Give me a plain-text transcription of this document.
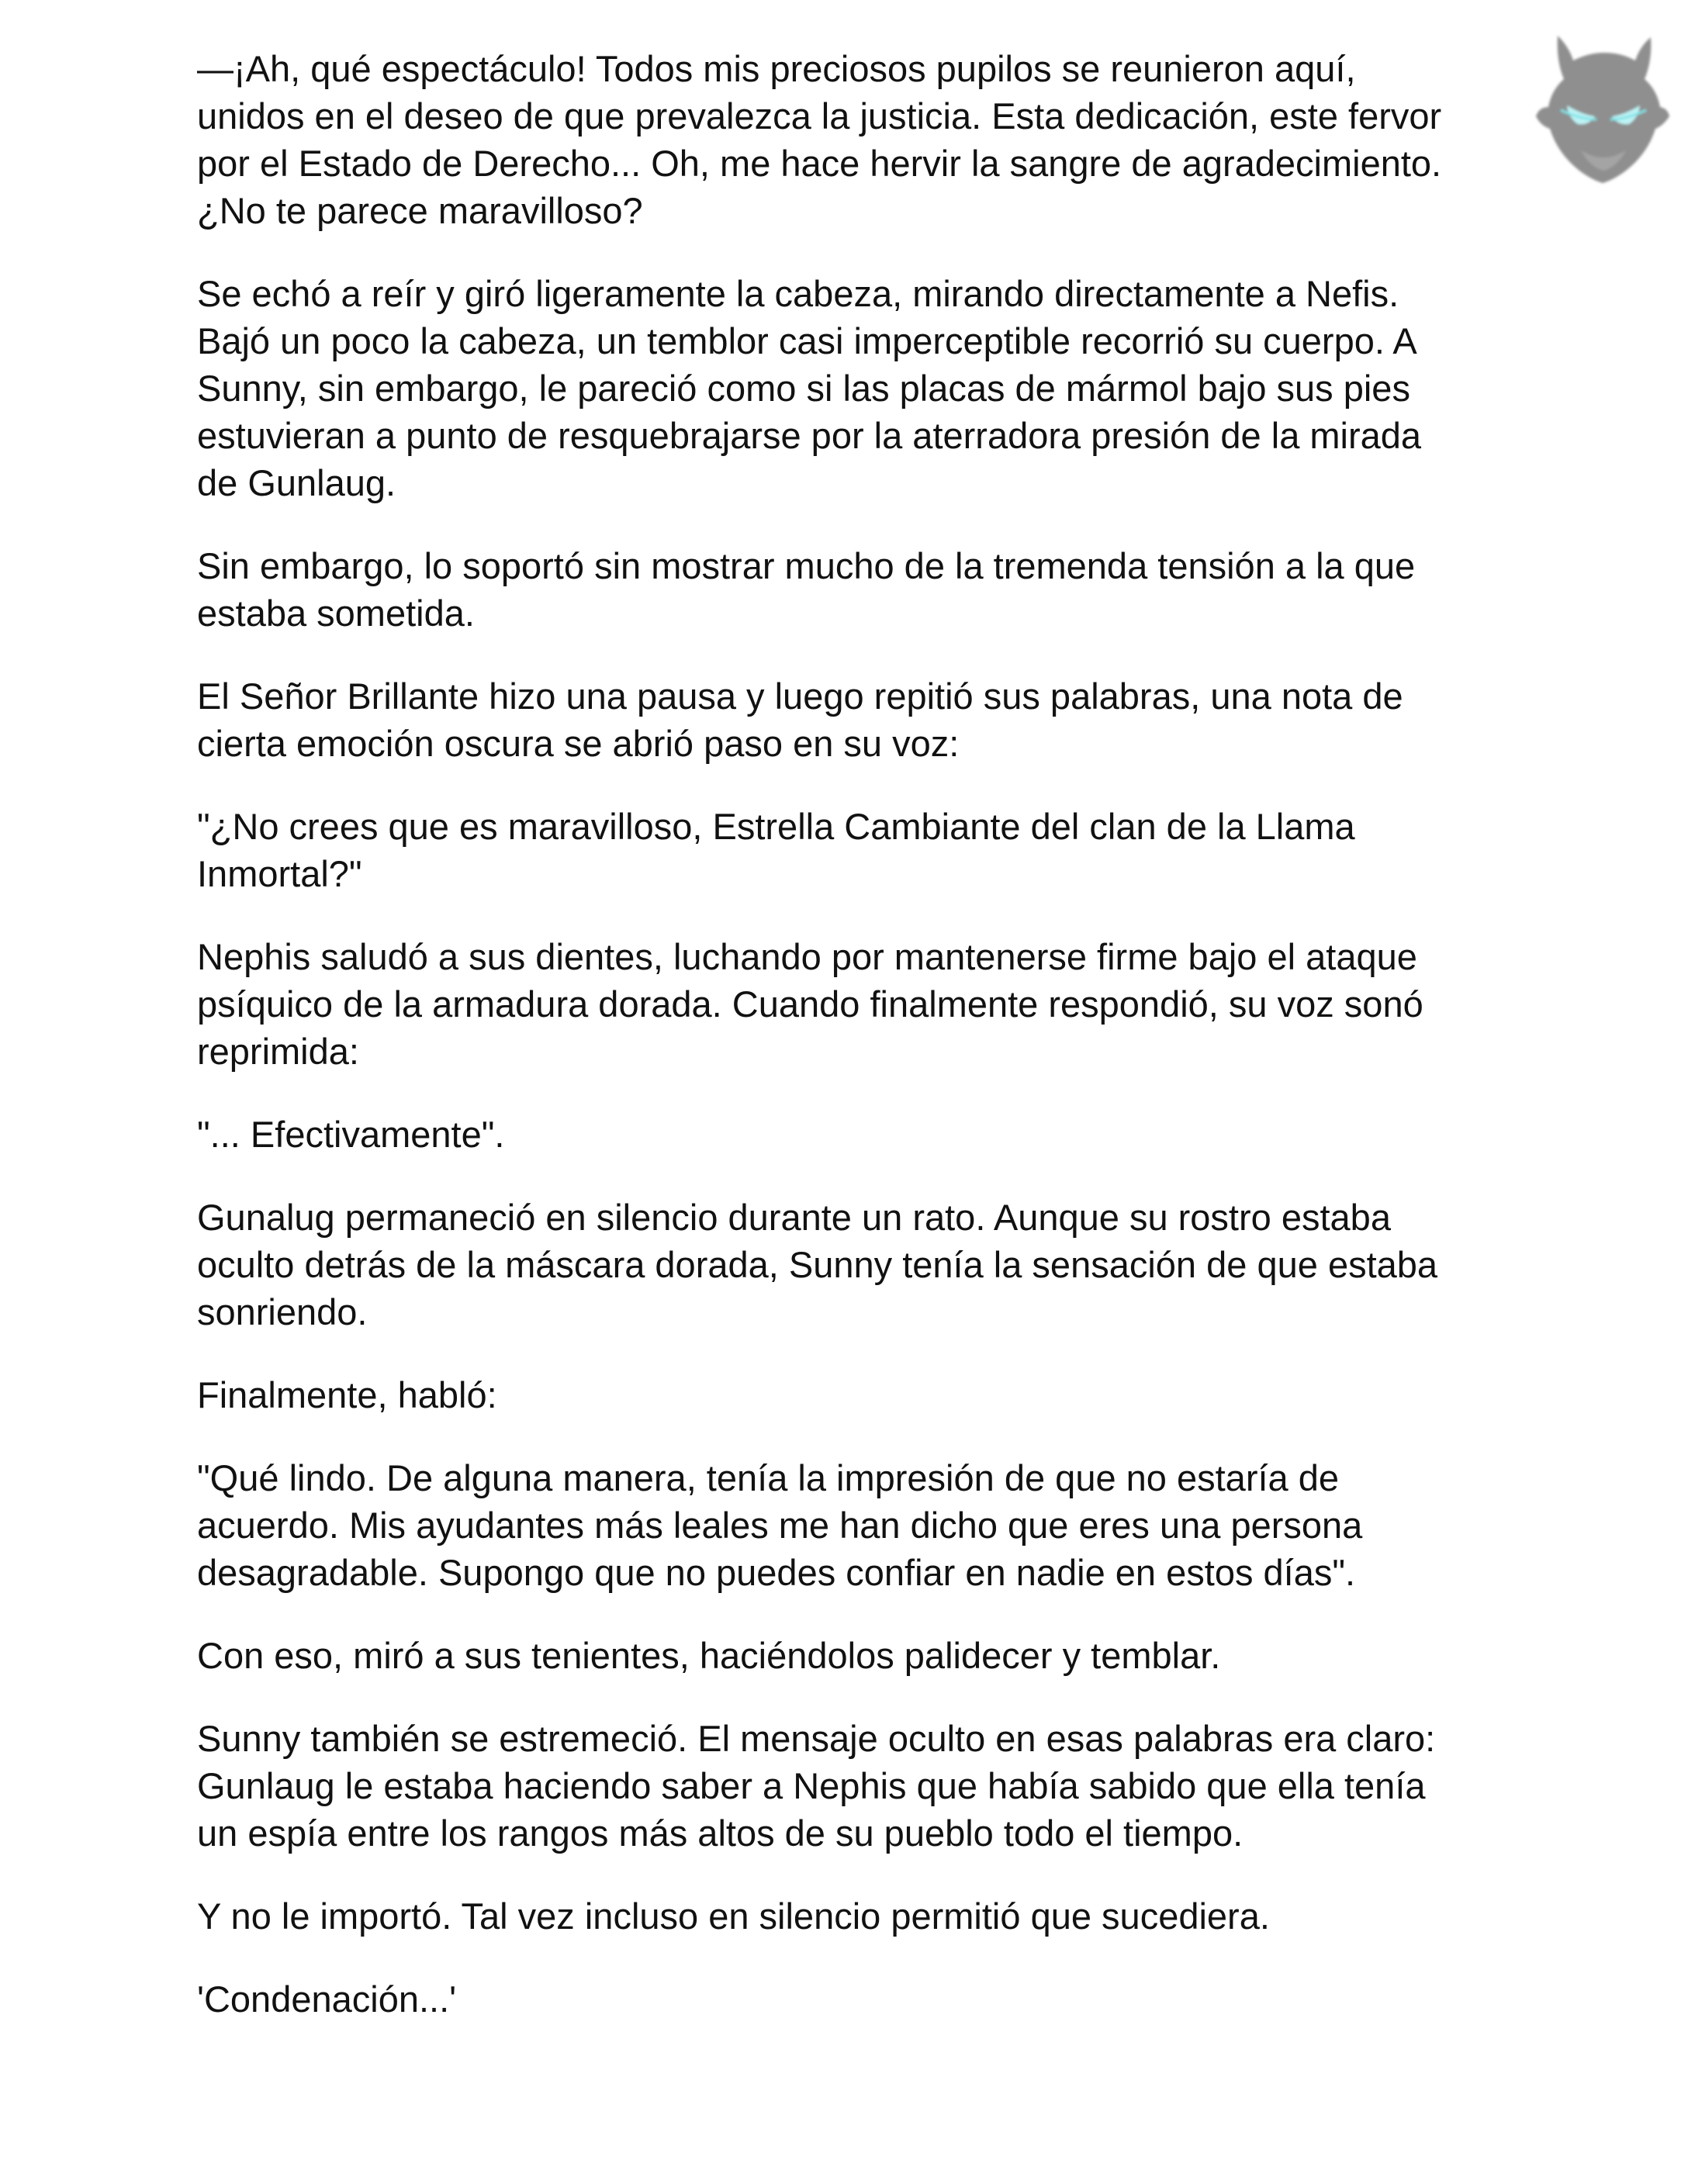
—¡Ah, qué espectáculo! Todos mis preciosos pupilos se reunieron aquí,
unidos en el deseo de que prevalezca la justicia. Esta dedicación, este fervor
por el Estado de Derecho... Oh, me hace hervir la sangre de agradecimiento.
¿No te parece maravilloso?

Se echó a reír y giró ligeramente la cabeza, mirando directamente a Nefis.
Bajó un poco la cabeza, un temblor casi imperceptible recorrió su cuerpo. A
Sunny, sin embargo, le pareció como si las placas de mármol bajo sus pies
estuvieran a punto de resquebrajarse por la aterradora presión de la mirada
de Gunlaug.

Sin embargo, lo soportó sin mostrar mucho de la tremenda tensión a la que
estaba sometida.

El Señor Brillante hizo una pausa y luego repitió sus palabras, una nota de
cierta emoción oscura se abrió paso en su voz:

"¿No crees que es maravilloso, Estrella Cambiante del clan de la Llama
Inmortal?"

Nephis saludó a sus dientes, luchando por mantenerse firme bajo el ataque
psíquico de la armadura dorada. Cuando finalmente respondió, su voz sonó
reprimida:

"... Efectivamente".

Gunalug permaneció en silencio durante un rato. Aunque su rostro estaba
oculto detrás de la máscara dorada, Sunny tenía la sensación de que estaba
sonriendo.

Finalmente, habló:

"Qué lindo. De alguna manera, tenía la impresión de que no estaría de
acuerdo. Mis ayudantes más leales me han dicho que eres una persona
desagradable. Supongo que no puedes confiar en nadie en estos días".

Con eso, miró a sus tenientes, haciéndolos palidecer y temblar.

Sunny también se estremeció. El mensaje oculto en esas palabras era claro:
Gunlaug le estaba haciendo saber a Nephis que había sabido que ella tenía
un espía entre los rangos más altos de su pueblo todo el tiempo.

Y no le importó. Tal vez incluso en silencio permitió que sucediera.

'Condenación...'
